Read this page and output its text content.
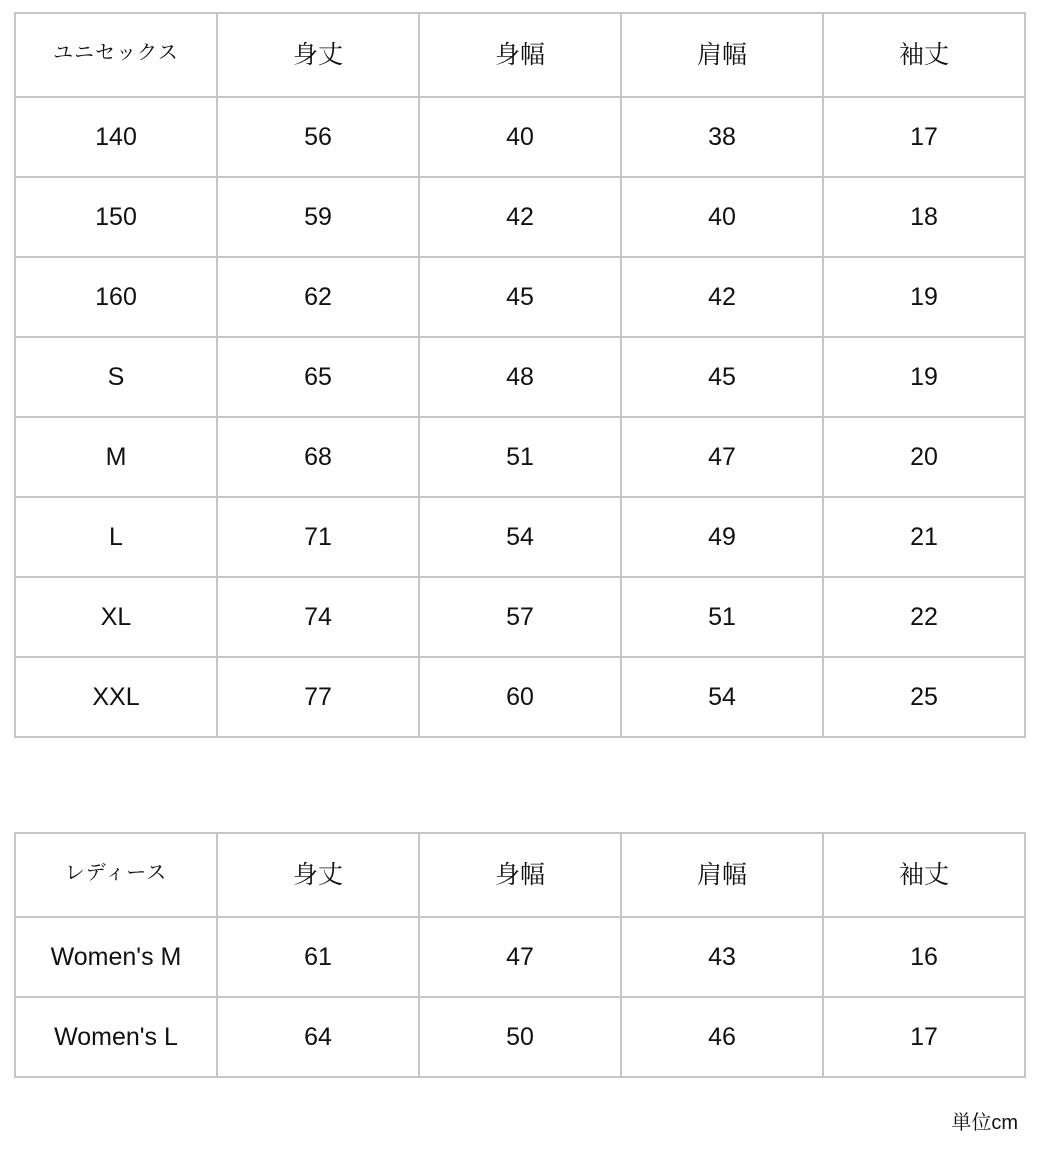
ユニセックス	身丈	身幅	肩幅	袖丈
140	56	40	38	17
150	59	42	40	18
160	62	45	42	19
S	65	48	45	19
M	68	51	47	20
L	71	54	49	21
XL	74	57	51	22
XXL	77	60	54	25
レディース	身丈	身幅	肩幅	袖丈
Women's M	61	47	43	16
Women's L	64	50	46	17
単位cm
